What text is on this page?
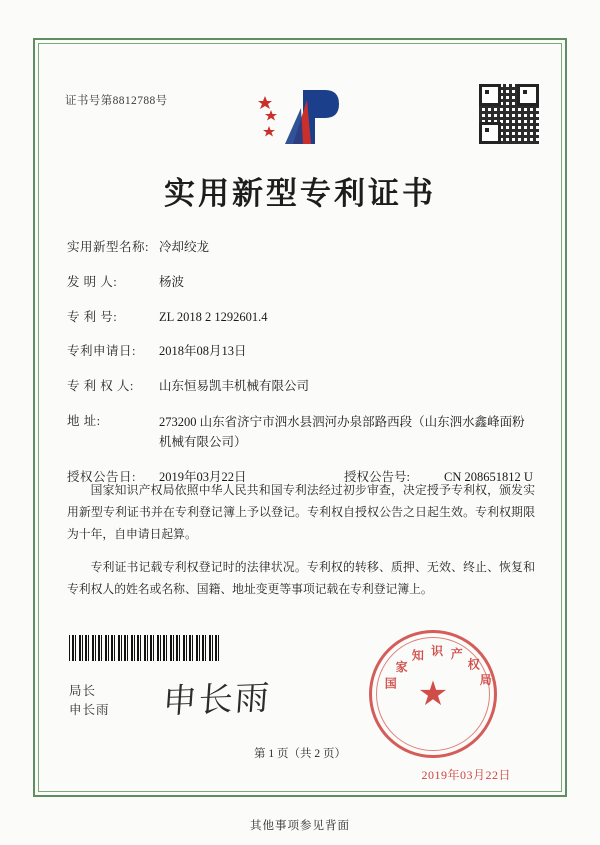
证书号第8812788号
实用新型专利证书
实用新型名称: 冷却绞龙
发 明 人:	杨波
专 利 号:	ZL 2018 2 1292601.4
专利申请日:	2018年08月13日
专 利 权 人:	山东恒易凯丰机械有限公司
地 址:	273200 山东省济宁市泗水县泗河办泉部路西段（山东泗水鑫峰面粉机械有限公司）
授权公告日:	2019年03月22日	授权公告号:	CN 208651812 U

国家知识产权局依照中华人民共和国专利法经过初步审查，决定授予专利权，颁发实用新型专利证书并在专利登记簿上予以登记。专利权自授权公告之日起生效。专利权期限为十年，自申请日起算。

专利证书记载专利权登记时的法律状况。专利权的转移、质押、无效、终止、恢复和专利权人的姓名或名称、国籍、地址变更等事项记载在专利登记簿上。

局长
申长雨 申长雨	国
家
知 识 产
权
局
★
2019年03月22日
第 1 页（共 2 页）
其他事项参见背面
